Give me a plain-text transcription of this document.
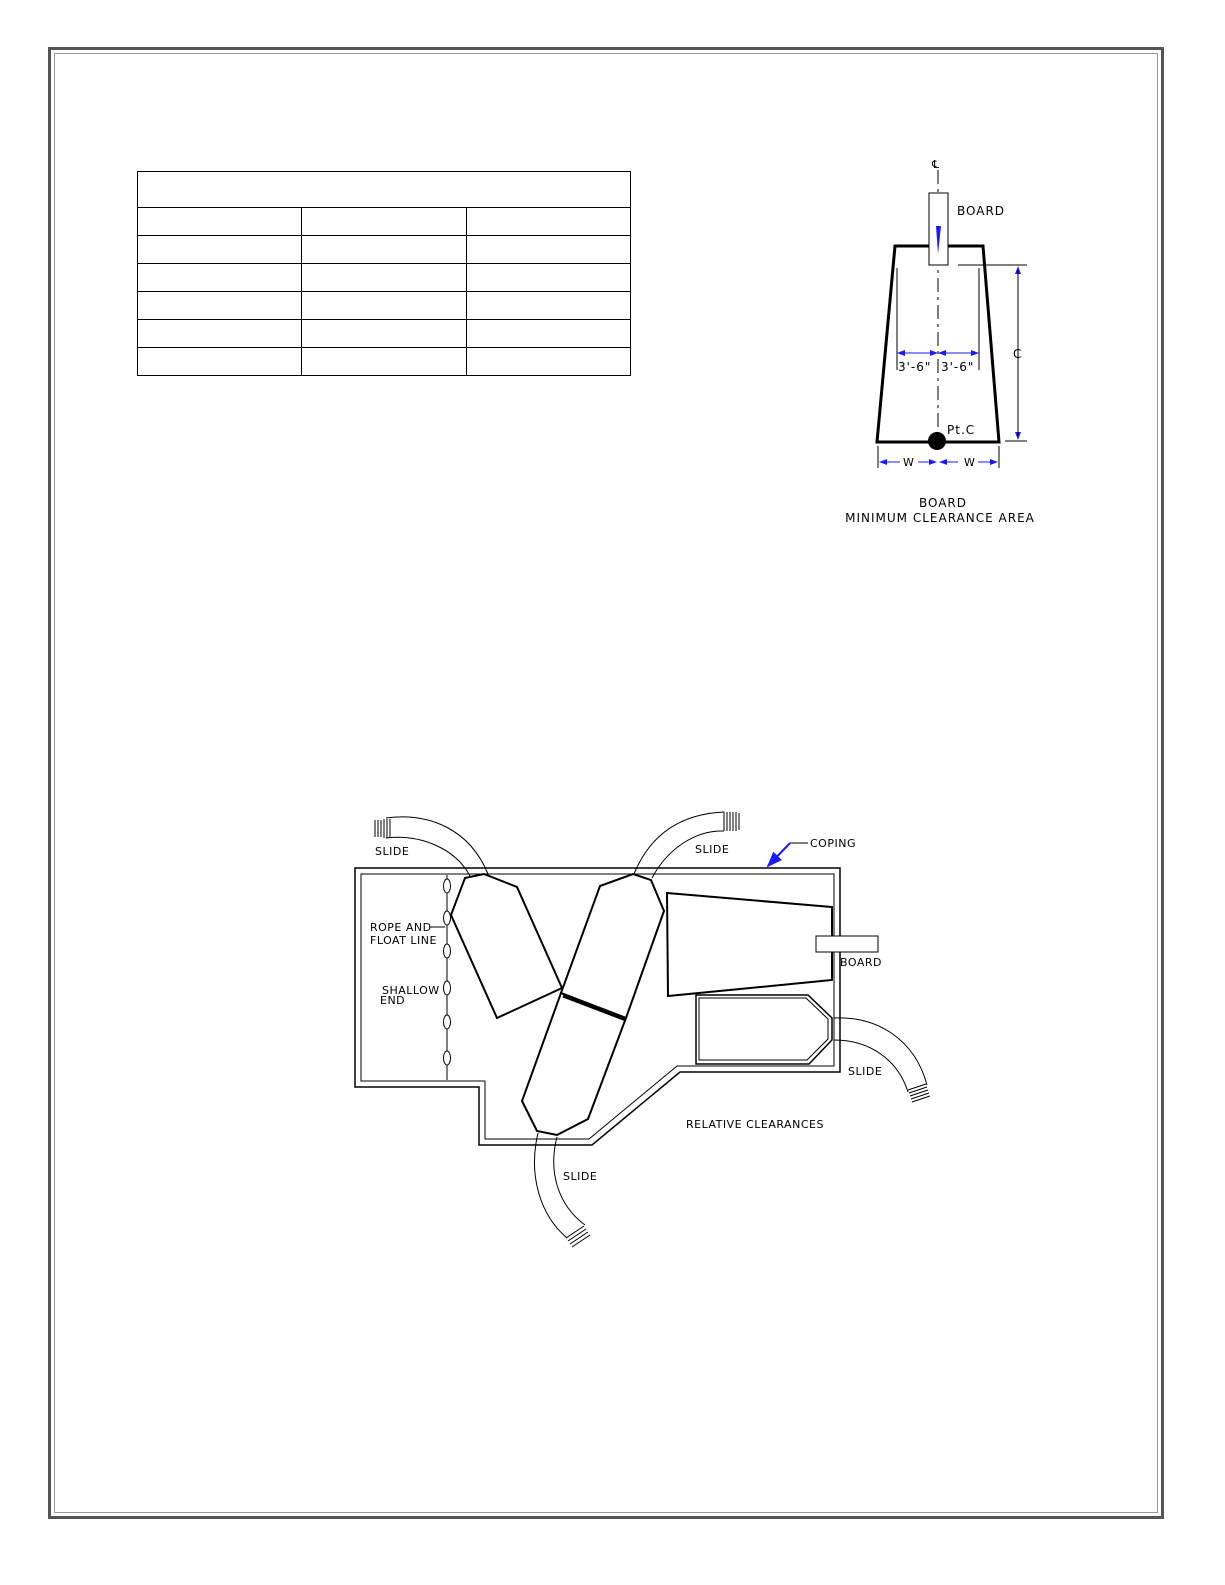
℄
BOARD
3'-6" 3'-6"
C
Pt.C
W	W
BOARD
MINIMUM CLEARANCE AREA
COPING
ROPE AND
FLOAT LINE
SHALLOW
END
BOARD
SLIDE	SLIDE
SLIDE
SLIDE
RELATIVE CLEARANCES
